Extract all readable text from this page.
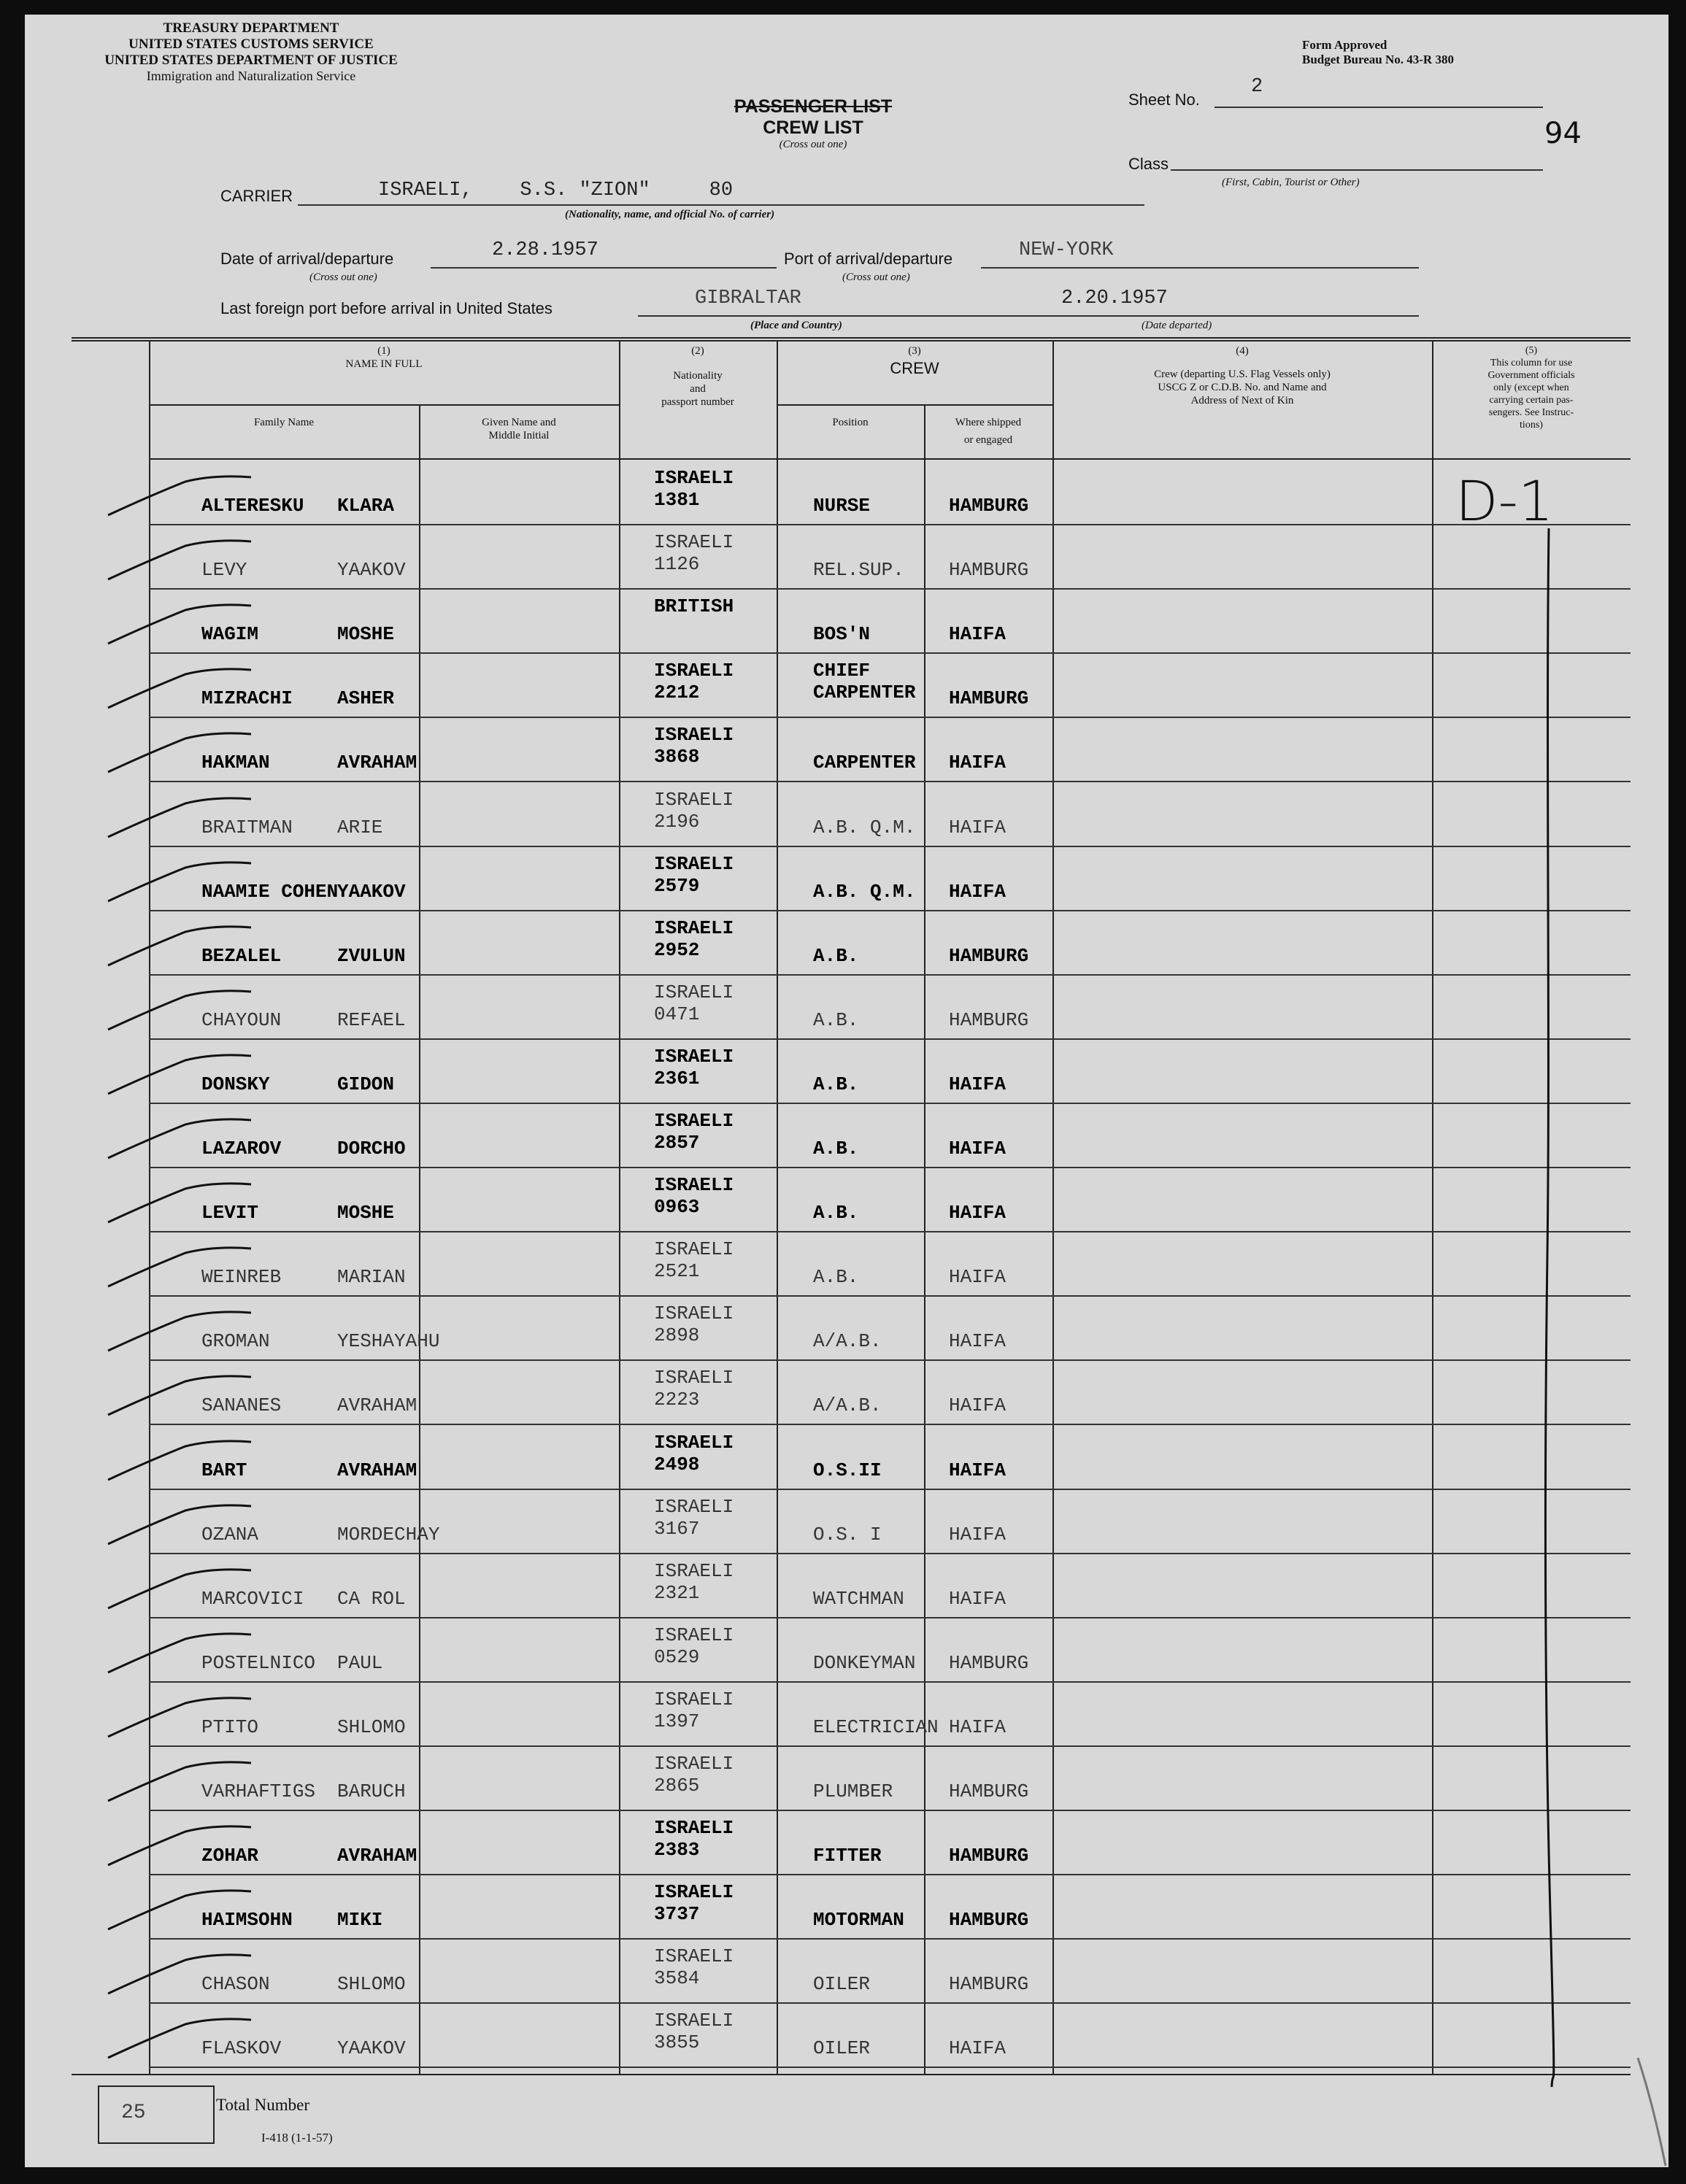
TREASURY DEPARTMENT
UNITED STATES CUSTOMS SERVICE
UNITED STATES DEPARTMENT OF JUSTICE
Immigration and Naturalization Service
Form Approved
Budget Bureau No. 43-R 380
PASSENGER LIST
CREW LIST
(Cross out one)
Sheet No.
2
94
Class
(First, Cabin, Tourist or Other)
CARRIER	ISRAELI,    S.S. "ZION"     80
(Nationality, name, and official No. of carrier)
Date of arrival/departure	2.28.1957
(Cross out one)
Port of arrival/departure	NEW-YORK
(Cross out one)
Last foreign port before arrival in United States	GIBRALTAR
(Place and Country)
2.20.1957
(Date departed)
(1)
NAME IN FULL
Family Name	Given Name and
Middle Initial
(2)
Nationality
and
passport number
(3)
CREW
Position	Where shipped
or engaged
(4)
Crew (departing U.S. Flag Vessels only)
USCG Z or C.D.B. No. and Name and
Address of Next of Kin
(5)
This column for use
Government officials
only (except when
carrying certain pas-
sengers. See Instruc-
tions)
ALTERESKU KLARA
ISRAELI
1381	NURSE	HAMBURG
LEVY	YAAKOV
ISRAELI
1126	REL.SUP. HAMBURG
WAGIM	MOSHE
BRITISH
BOS'N	HAIFA
MIZRACHI ASHER
ISRAELI
2212
CHIEF CARPENTER	HAMBURG
HAKMAN	AVRAHAM
ISRAELI
3868	CARPENTER HAIFA
BRAITMAN ARIE
ISRAELI
2196	A.B. Q.M. HAIFA
NAAMIE COHEN
YAAKOV
ISRAELI
2579	A.B. Q.M. HAIFA
BEZALEL	ZVULUN
ISRAELI
2952	A.B.	HAMBURG
CHAYOUN	REFAEL
ISRAELI
0471	A.B.	HAMBURG
DONSKY	GIDON
ISRAELI
2361	A.B.	HAIFA
LAZAROV	DORCHO
ISRAELI
2857	A.B.	HAIFA
LEVIT	MOSHE
ISRAELI
0963	A.B.	HAIFA
WEINREB	MARIAN
ISRAELI
2521	A.B.	HAIFA
GROMAN	YESHAYAHU
ISRAELI
2898	A/A.B.	HAIFA
SANANES	AVRAHAM
ISRAELI
2223	A/A.B.	HAIFA
BART	AVRAHAM
ISRAELI
2498	O.S.II	HAIFA
OZANA	MORDECHAY
ISRAELI
3167	O.S. I	HAIFA
MARCOVICI CA ROL
ISRAELI
2321	WATCHMAN HAIFA
POSTELNICO PAUL
ISRAELI
0529	DONKEYMAN HAMBURG
PTITO	SHLOMO
ISRAELI
1397	ELECTRICIAN HAIFA
VARHAFTIGS BARUCH
ISRAELI
2865	PLUMBER	HAMBURG
ZOHAR	AVRAHAM
ISRAELI
2383	FITTER	HAMBURG
HAIMSOHN MIKI
ISRAELI
3737	MOTORMAN HAMBURG
CHASON	SHLOMO
ISRAELI
3584	OILER	HAMBURG
FLASKOV	YAAKOV
ISRAELI
3855	OILER	HAIFA
D-1
25	Total Number
I-418 (1-1-57)
